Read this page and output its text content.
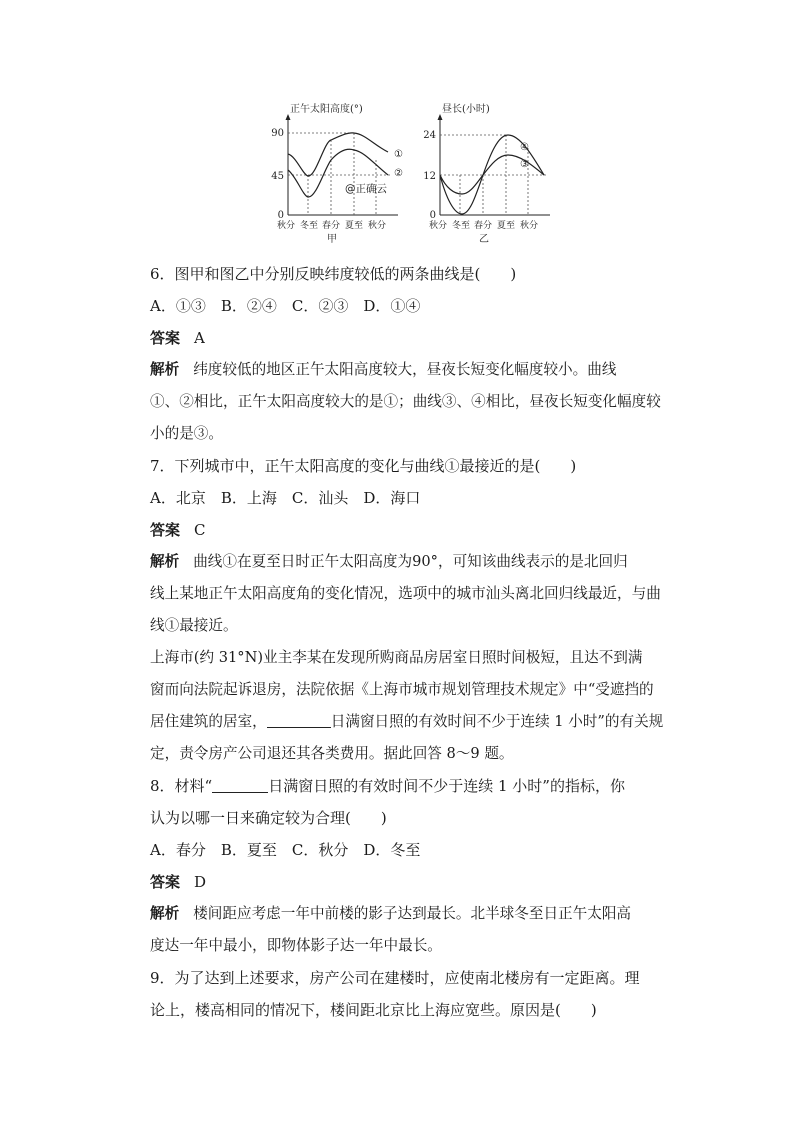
正午太阳高度(°)
90
45
0
①
②
@正确云
秋分 冬至 春分 夏至 秋分
甲
昼长(小时)
24
12
0
④
③
秋分 冬至 春分 夏至 秋分
乙

6．图甲和图乙中分别反映纬度较低的两条曲线是(　　)

A．①③　B．②④　C．②③　D．①④

答案 A

解析 纬度较低的地区正午太阳高度较大，昼夜长短变化幅度较小。曲线
①、②相比，正午太阳高度较大的是①；曲线③、④相比，昼夜长短变化幅度较
小的是③。

7．下列城市中，正午太阳高度的变化与曲线①最接近的是(　　)

A．北京　B．上海　C．汕头　D．海口

答案 C

解析 曲线①在夏至日时正午太阳高度为90°，可知该曲线表示的是北回归
线上某地正午太阳高度角的变化情况，选项中的城市汕头离北回归线最近，与曲
线①最接近。

上海市(约 31°N)业主李某在发现所购商品房居室日照时间极短，且达不到满
窗而向法院起诉退房，法院依据《上海市城市规划管理技术规定》中“受遮挡的
居住建筑的居室，	日满窗日照的有效时间不少于连续 1 小时”的有关规
定，责令房产公司退还其各类费用。据此回答 8～9 题。

8．材料“	日满窗日照的有效时间不少于连续 1 小时”的指标，你
认为以哪一日来确定较为合理(　　)

A．春分　B．夏至　C．秋分　D．冬至

答案 D

解析 楼间距应考虑一年中前楼的影子达到最长。北半球冬至日正午太阳高
度达一年中最小，即物体影子达一年中最长。

9．为了达到上述要求，房产公司在建楼时，应使南北楼房有一定距离。理
论上，楼高相同的情况下，楼间距北京比上海应宽些。原因是(　　)
